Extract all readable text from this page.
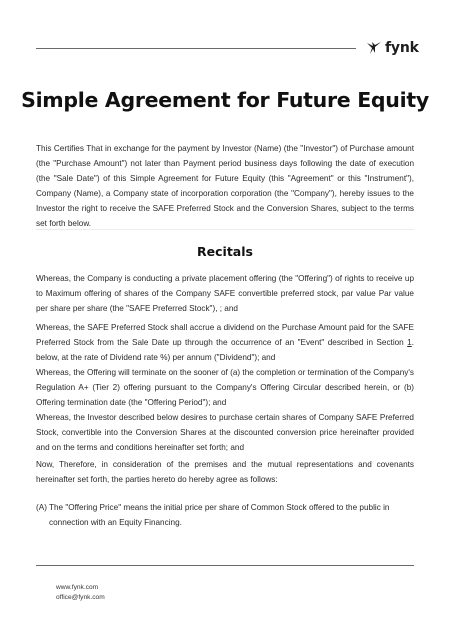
fynk
Simple Agreement for Future Equity

This Certifies That in exchange for the payment by Investor (Name) (the "Investor") of Purchase amount (the "Purchase Amount") not later than Payment period business days following the date of execution (the "Sale Date") of this Simple Agreement for Future Equity (this "Agreement" or this "Instrument"), Company (Name), a Company state of incorporation corporation (the "Company"), hereby issues to the Investor the right to receive the SAFE Preferred Stock and the Conversion Shares, subject to the terms set forth below.

Recitals

Whereas, the Company is conducting a private placement offering (the "Offering") of rights to receive up to Maximum offering of shares of the Company SAFE convertible preferred stock, par value Par value per share per share (the "SAFE Preferred Stock"), ; and

Whereas, the SAFE Preferred Stock shall accrue a dividend on the Purchase Amount paid for the SAFE Preferred Stock from the Sale Date up through the occurrence of an "Event" described in Section 1. below, at the rate of Dividend rate %) per annum ("Dividend"); and

Whereas, the Offering will terminate on the sooner of (a) the completion or termination of the Company's Regulation A+ (Tier 2) offering pursuant to the Company's Offering Circular described herein, or (b) Offering termination date (the "Offering Period"); and

Whereas, the Investor described below desires to purchase certain shares of Company SAFE Preferred Stock, convertible into the Conversion Shares at the discounted conversion price hereinafter provided and on the terms and conditions hereinafter set forth; and

Now, Therefore, in consideration of the premises and the mutual representations and covenants hereinafter set forth, the parties hereto do hereby agree as follows:

(A) The "Offering Price" means the initial price per share of Common Stock offered to the public in connection with an Equity Financing.
www.fynk.com
office@fynk.com
